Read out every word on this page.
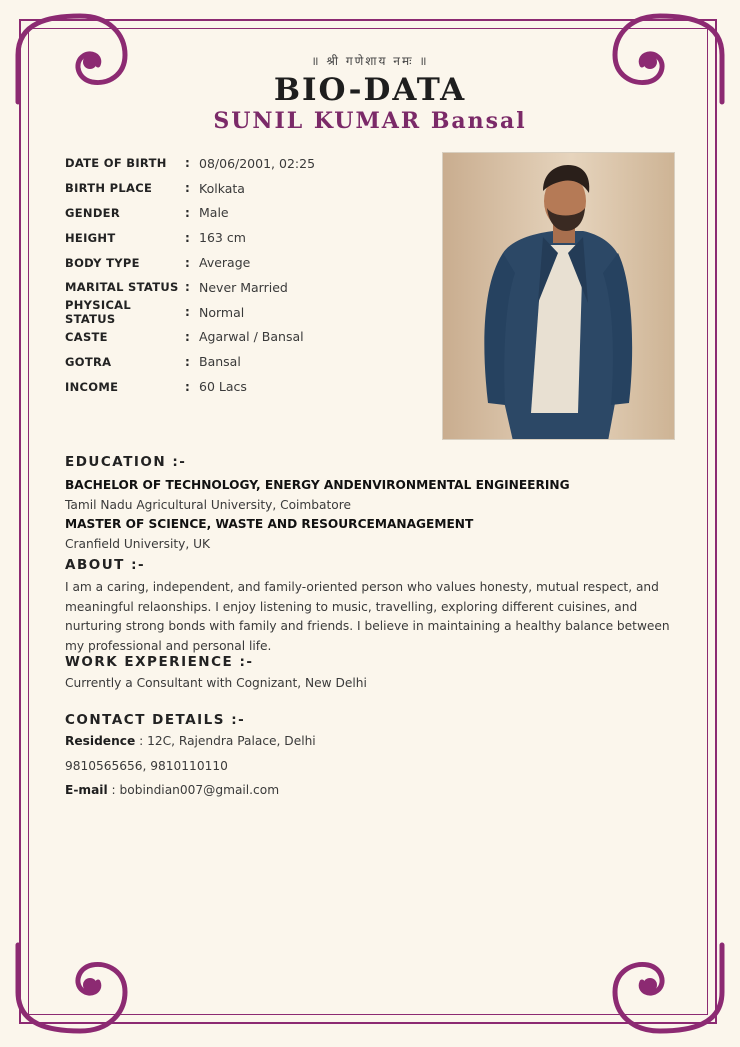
॥ श्री गणेशाय नमः ॥
BIO-DATA
SUNIL KUMAR Bansal
DATE OF BIRTH	: 08/06/2001, 02:25
BIRTH PLACE	: Kolkata
GENDER	: Male
HEIGHT	: 163 cm
BODY TYPE	: Average
MARITAL STATUS : Never Married
PHYSICAL STATUS
: Normal
CASTE	: Agarwal / Bansal
GOTRA	: Bansal
INCOME	: 60 Lacs
EDUCATION :-
BACHELOR OF TECHNOLOGY, ENERGY ANDENVIRONMENTAL ENGINEERING
Tamil Nadu Agricultural University, Coimbatore
MASTER OF SCIENCE, WASTE AND RESOURCEMANAGEMENT
Cranfield University, UK
ABOUT :-
I am a caring, independent, and family-oriented person who values honesty, mutual respect, and meaningful relaonships. I enjoy listening to music, travelling, exploring different cuisines, and nurturing strong bonds with family and friends. I believe in maintaining a healthy balance between my professional and personal life.
WORK EXPERIENCE :-
Currently a Consultant with Cognizant, New Delhi
CONTACT DETAILS :-
Residence : 12C, Rajendra Palace, Delhi
9810565656, 9810110110
E-mail : bobindian007@gmail.com
